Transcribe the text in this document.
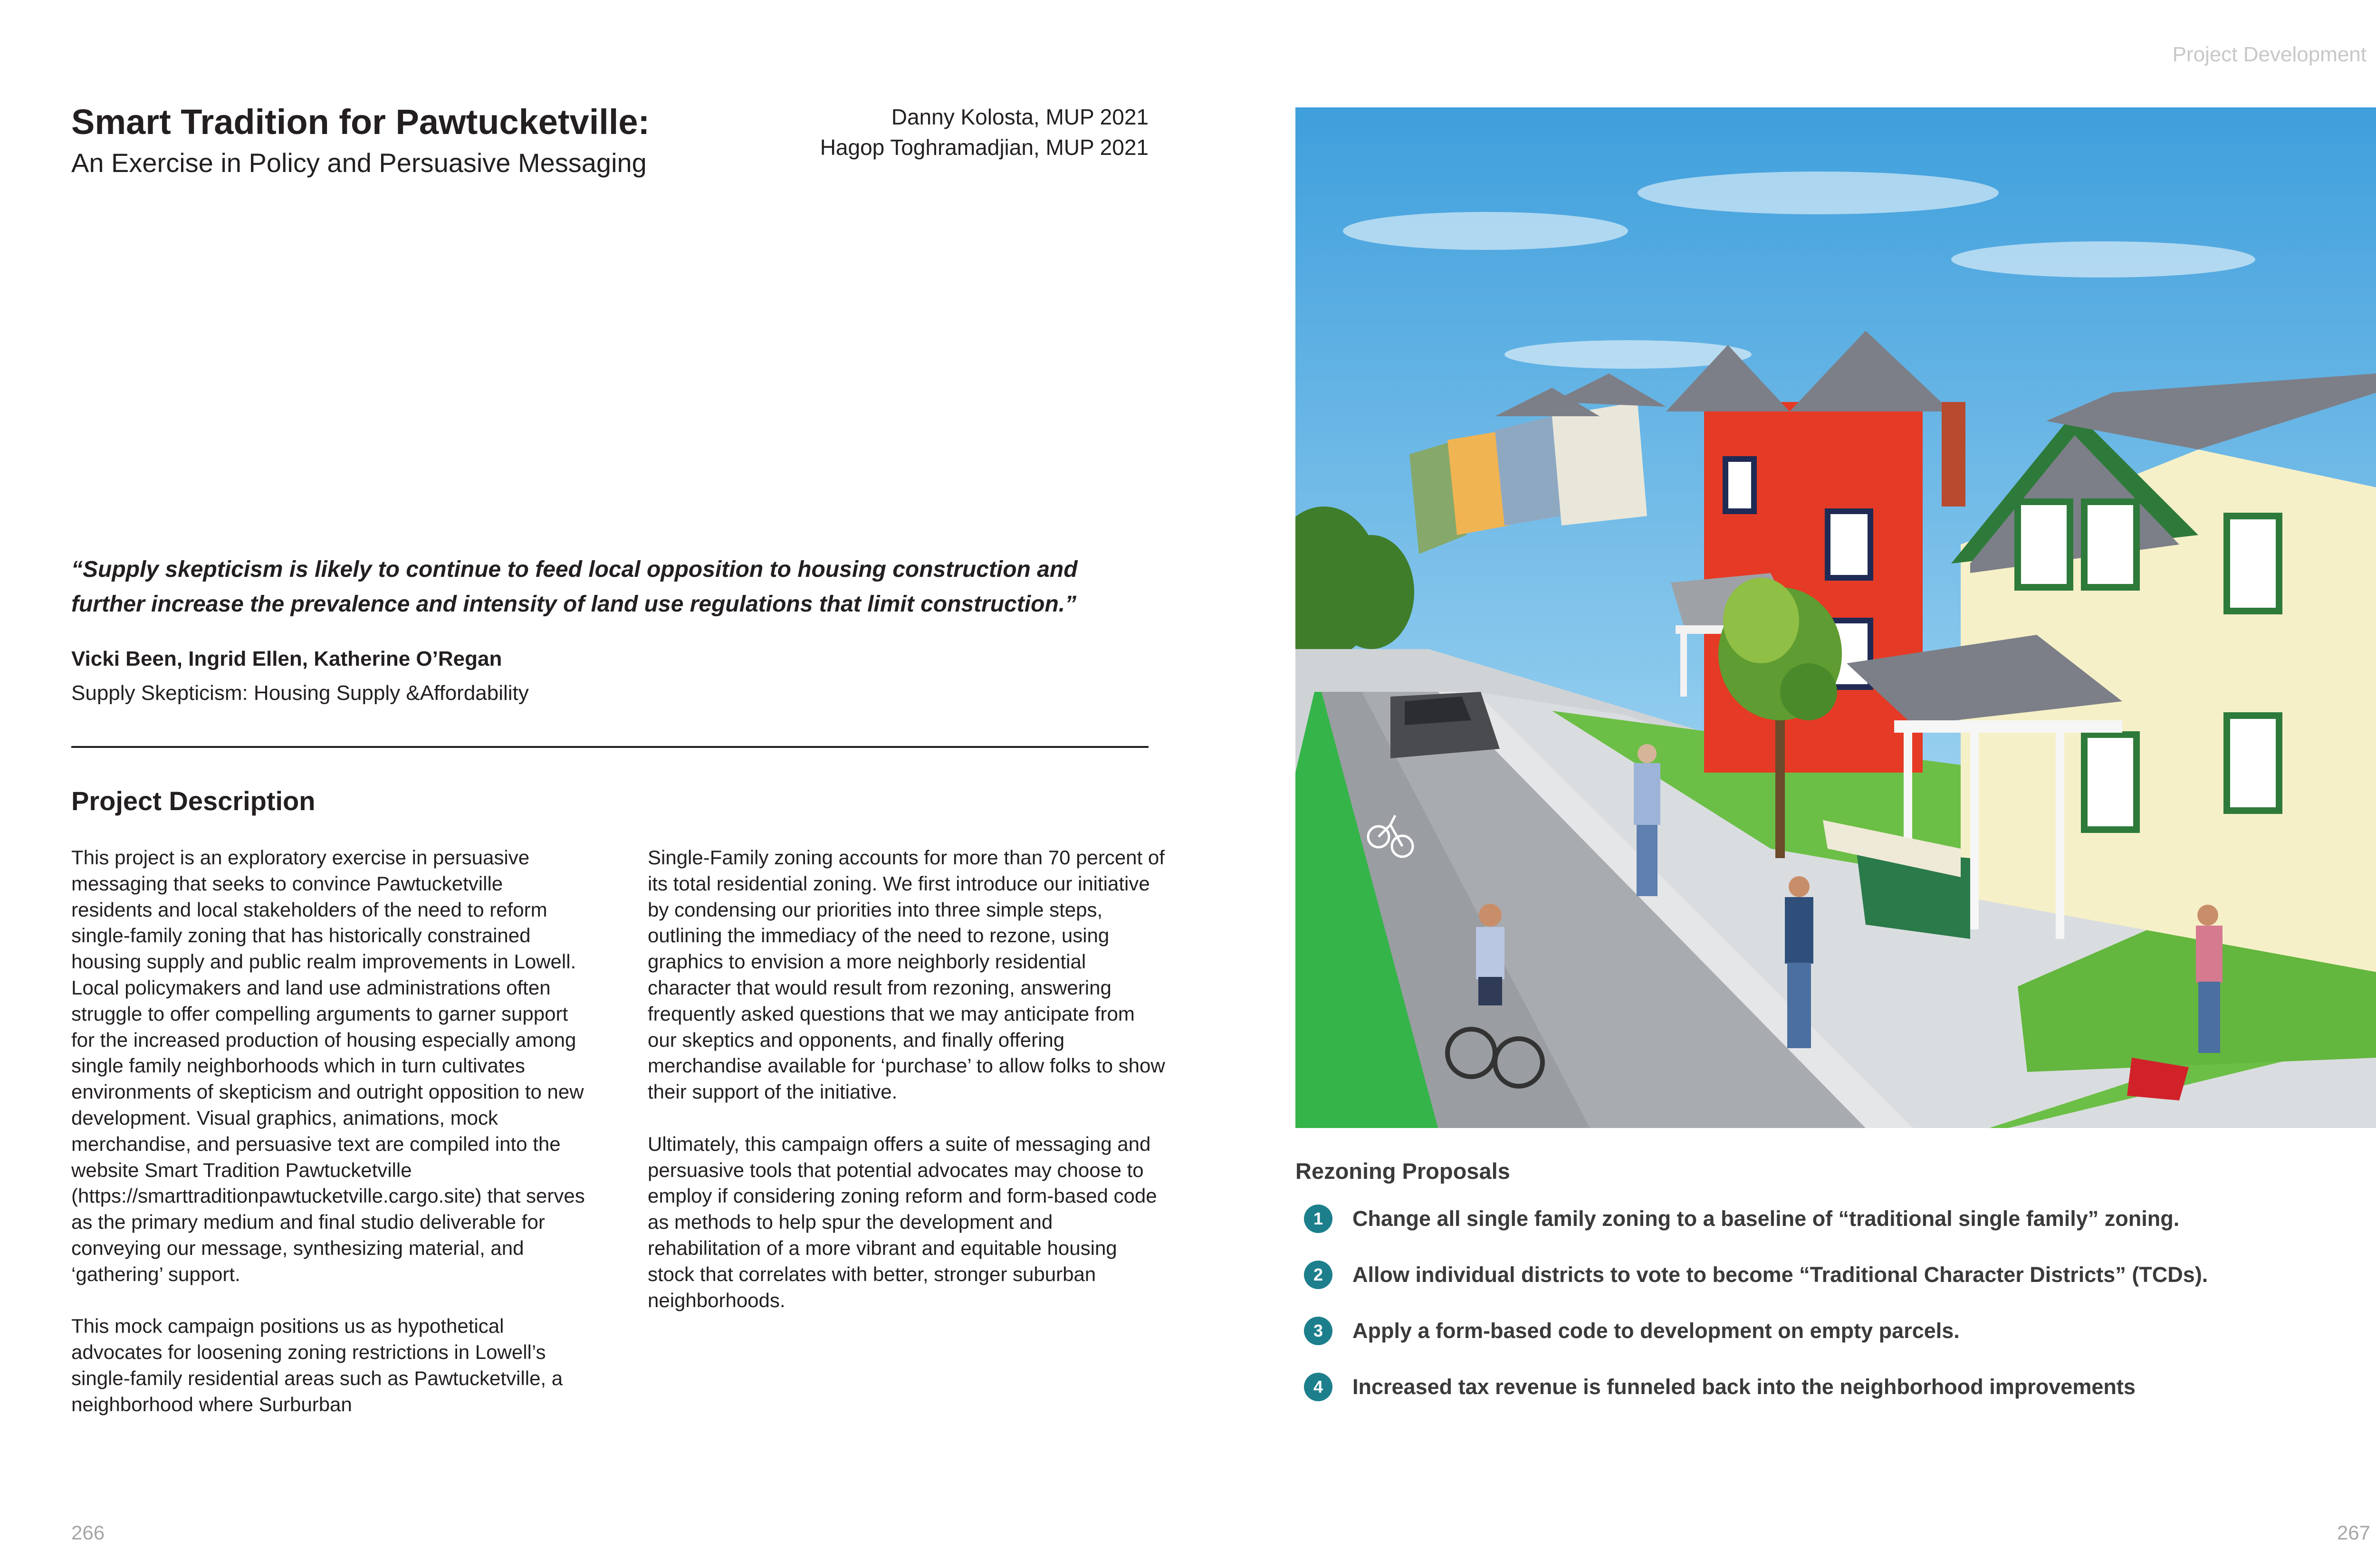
Project Development
Smart Tradition for Pawtucketville:
An Exercise in Policy and Persuasive Messaging
Danny Kolosta, MUP 2021
Hagop Toghramadjian, MUP 2021
“Supply skepticism is likely to continue to feed local opposition to housing construction and
further increase the prevalence and intensity of land use regulations that limit construction.”
Vicki Been, Ingrid Ellen, Katherine O’Regan
Supply Skepticism: Housing Supply &Affordability
Project Description

This project is an exploratory exercise in persuasive messaging that seeks to convince Pawtucketville residents and local stakeholders of the need to reform single-family zoning that has historically constrained housing supply and public realm improvements in Lowell. Local policymakers and land use administrations often struggle to offer compelling arguments to garner support for the increased production of housing especially among single family neighborhoods which in turn cultivates environments of skepticism and outright opposition to new development. Visual graphics, animations, mock merchandise, and persuasive text are compiled into the website Smart Tradition Pawtucketville (https://smarttraditionpawtucketville.cargo.site) that serves as the primary medium and final studio deliverable for conveying our message, synthesizing material, and ‘gathering’ support.

This mock campaign positions us as hypothetical advocates for loosening zoning restrictions in Lowell’s single-family residential areas such as Pawtucketville, a neighborhood where Surburban

Single-Family zoning accounts for more than 70 percent of its total residential zoning. We first introduce our initiative by condensing our priorities into three simple steps, outlining the immediacy of the need to rezone, using graphics to envision a more neighborly residential character that would result from rezoning, answering frequently asked questions that we may anticipate from our skeptics and opponents, and finally offering merchandise available for ‘purchase’ to allow folks to show their support of the initiative.

Ultimately, this campaign offers a suite of messaging and persuasive tools that potential advocates may choose to employ if considering zoning reform and form-based code as methods to help spur the development and rehabilitation of a more vibrant and equitable housing stock that correlates with better, stronger suburban neighborhoods.

Rezoning Proposals
1	Change all single family zoning to a baseline of “traditional single family” zoning.
2	Allow individual districts to vote to become “Traditional Character Districts” (TCDs).
3	Apply a form-based code to development on empty parcels.
4	Increased tax revenue is funneled back into the neighborhood improvements
266	267
